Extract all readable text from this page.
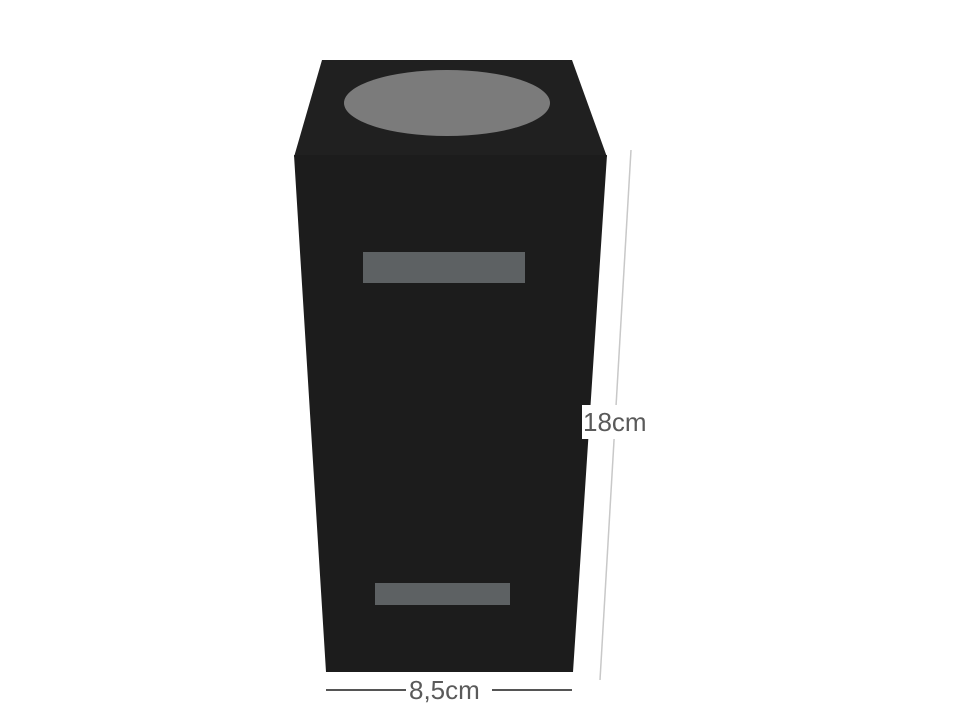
18cm
8,5cm
